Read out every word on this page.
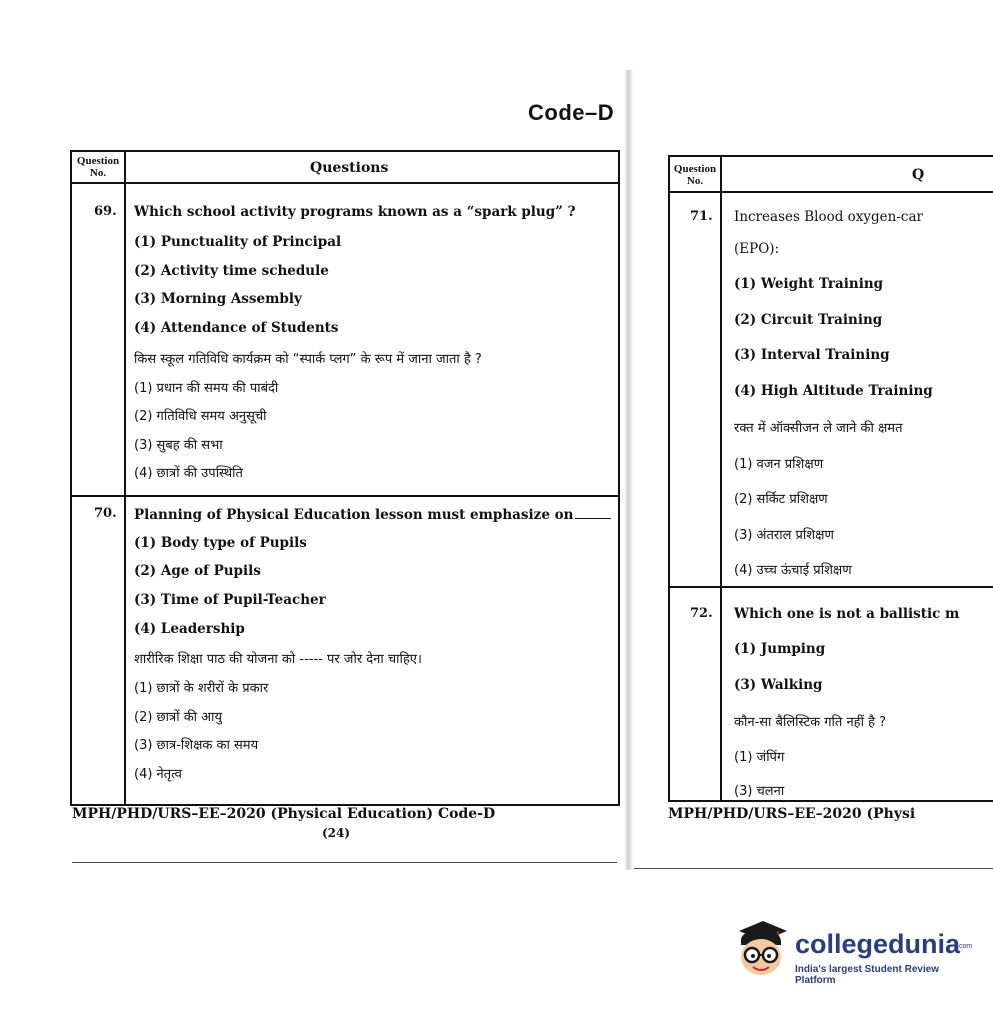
Code–D
Question
No.	Questions
69. Which school activity programs known as a “spark plug” ?
(1) Punctuality of Principal
(2) Activity time schedule
(3) Morning Assembly
(4) Attendance of Students
किस स्कूल गतिविधि कार्यक्रम को “स्पार्क प्लग” के रूप में जाना जाता है ?
(1) प्रधान की समय की पाबंदी
(2) गतिविधि समय अनुसूची
(3) सुबह की सभा
(4) छात्रों की उपस्थिति
70. Planning of Physical Education lesson must emphasize on
(1) Body type of Pupils
(2) Age of Pupils
(3) Time of Pupil-Teacher
(4) Leadership
शारीरिक शिक्षा पाठ की योजना को ----- पर जोर देना चाहिए।
(1) छात्रों के शरीरों के प्रकार
(2) छात्रों की आयु
(3) छात्र-शिक्षक का समय
(4) नेतृत्व
MPH/PHD/URS–EE–2020 (Physical Education) Code-D
(24)
Question
No.	Q
71. Increases Blood oxygen-car
(EPO):
(1) Weight Training
(2) Circuit Training
(3) Interval Training
(4) High Altitude Training
रक्त में ऑक्सीजन ले जाने की क्षमत
(1) वजन प्रशिक्षण
(2) सर्किट प्रशिक्षण
(3) अंतराल प्रशिक्षण
(4) उच्च ऊंचाई प्रशिक्षण
72. Which one is not a ballistic m
(1) Jumping
(3) Walking
कौन-सा बैलिस्टिक गति नहीं है ?
(1) जंपिंग
(3) चलना
MPH/PHD/URS–EE–2020 (Physi
collegedunia
.com
India's largest Student Review Platform
